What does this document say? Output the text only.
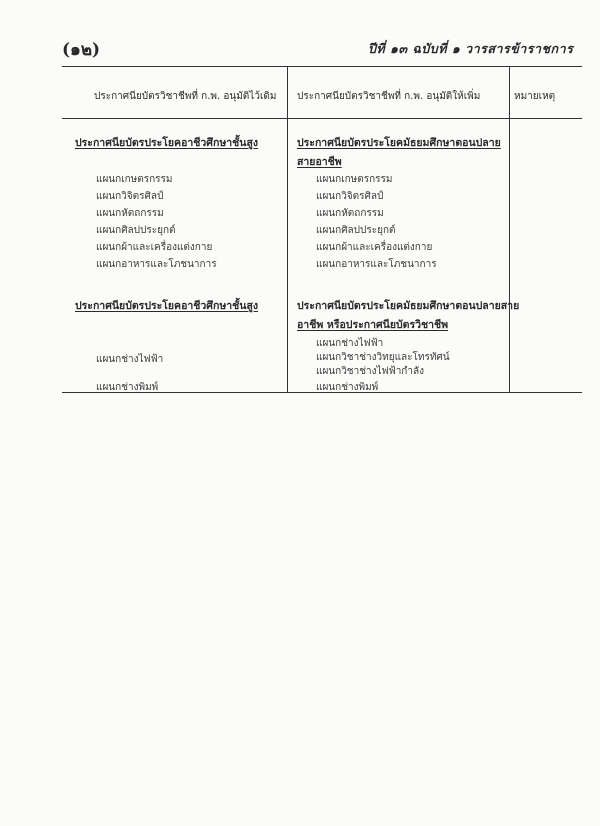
(๑๒)	ปีที่ ๑๓ ฉบับที่ ๑ วารสารข้าราชการ
ประกาศนียบัตรวิชาชีพที่ ก.พ. อนุมัติไว้เดิม ประกาศนียบัตรวิชาชีพที่ ก.พ. อนุมัติให้เพิ่ม	หมายเหตุ
ประกาศนียบัตรประโยคอาชีวศึกษาชั้นสูง
แผนกเกษตรกรรม
แผนกวิจิตรศิลป์
แผนกหัตถกรรม
แผนกศิลปประยุกต์
แผนกผ้าและเครื่องแต่งกาย
แผนกอาหารและโภชนาการ
ประกาศนียบัตรประโยคอาชีวศึกษาชั้นสูง
แผนกช่างไฟฟ้า
แผนกช่างพิมพ์
ประกาศนียบัตรประโยคมัธยมศึกษาตอนปลาย
สายอาชีพ
แผนกเกษตรกรรม
แผนกวิจิตรศิลป์
แผนกหัตถกรรม
แผนกศิลปประยุกต์
แผนกผ้าและเครื่องแต่งกาย
แผนกอาหารและโภชนาการ
ประกาศนียบัตรประโยคมัธยมศึกษาตอนปลายสาย
อาชีพ หรือประกาศนียบัตรวิชาชีพ
แผนกช่างไฟฟ้า
แผนกวิชาช่างวิทยุและโทรทัศน์
แผนกวิชาช่างไฟฟ้ากำลัง
แผนกช่างพิมพ์
